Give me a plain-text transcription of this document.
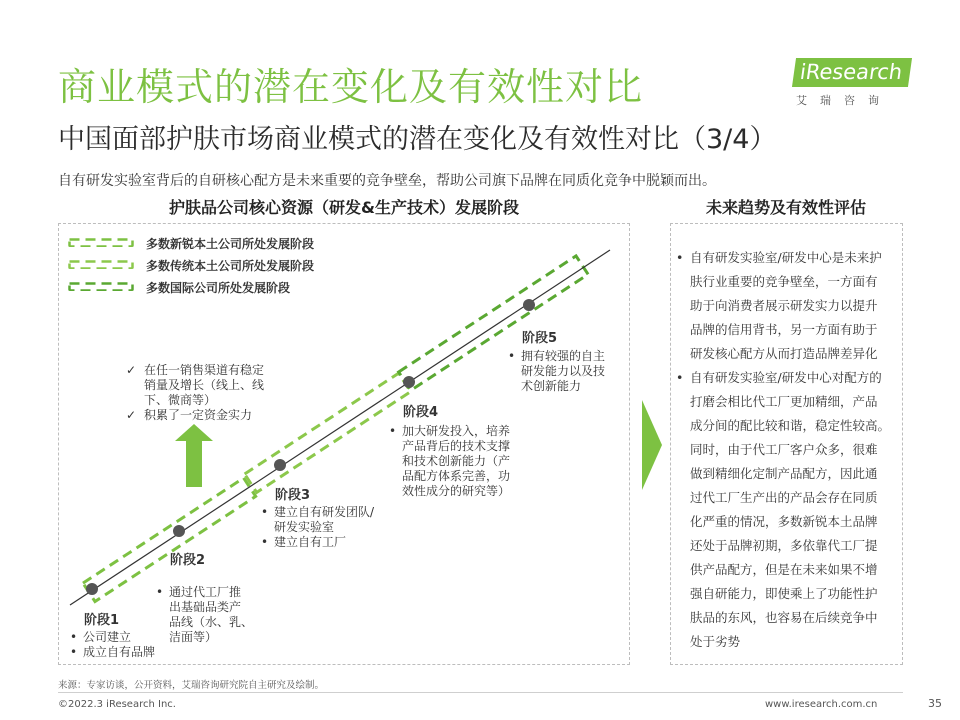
商业模式的潜在变化及有效性对比
中国面部护肤市场商业模式的潜在变化及有效性对比（3/4）
自有研发实验室背后的自研核心配方是未来重要的竞争壁垒，帮助公司旗下品牌在同质化竞争中脱颖而出。
iResearch
艾瑞咨询
护肤品公司核心资源（研发&生产技术）发展阶段	未来趋势及有效性评估
多数新锐本土公司所处发展阶段
多数传统本土公司所处发展阶段
多数国际公司所处发展阶段
✓ 在任一销售渠道有稳定
销量及增长（线上、线
下、微商等）
✓ 积累了一定资金实力
阶段1
• 公司建立
• 成立自有品牌
阶段2

• 通过代工厂推
出基础品类产
品线（水、乳、
洁面等）

阶段3
• 建立自有研发团队/
研发实验室
• 建立自有工厂
阶段4
• 加大研发投入，培养
产品背后的技术支撑
和技术创新能力（产
品配方体系完善，功
效性成分的研究等）
阶段5
• 拥有较强的自主
研发能力以及技
术创新能力
• 自有研发实验室/研发中心是未来护
肤行业重要的竞争壁垒，一方面有
助于向消费者展示研发实力以提升
品牌的信用背书，另一方面有助于
研发核心配方从而打造品牌差异化
• 自有研发实验室/研发中心对配方的
打磨会相比代工厂更加精细，产品
成分间的配比较和谐，稳定性较高。
同时，由于代工厂客户众多，很难
做到精细化定制产品配方，因此通
过代工厂生产出的产品会存在同质
化严重的情况，多数新锐本土品牌
还处于品牌初期，多依靠代工厂提
供产品配方，但是在未来如果不增
强自研能力，即使乘上了功能性护
肤品的东风，也容易在后续竞争中
处于劣势
来源：专家访谈，公开资料，艾瑞咨询研究院自主研究及绘制。
©2022.3 iResearch Inc.	www.iresearch.com.cn	35
